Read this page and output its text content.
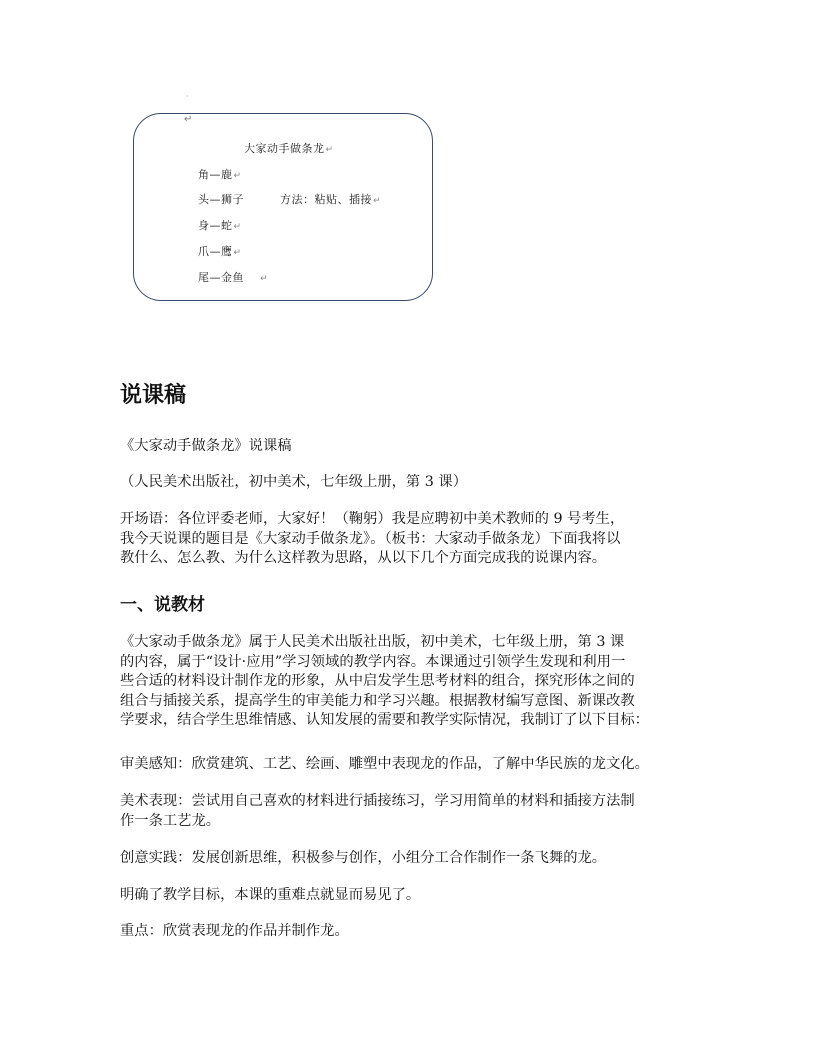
·
↵
大家动手做条龙↵
角—鹿↵
头—狮子	方法：粘贴、插接↵
身—蛇↵
爪—鹰↵
尾—金鱼 ↵
说课稿

《大家动手做条龙》说课稿

（人民美术出版社，初中美术，七年级上册，第 3 课）

开场语：各位评委老师，大家好！（鞠躬）我是应聘初中美术教师的 9 号考生，
我今天说课的题目是《大家动手做条龙》。（板书：大家动手做条龙）下面我将以
教什么、怎么教、为什么这样教为思路，从以下几个方面完成我的说课内容。

一、说教材

《大家动手做条龙》属于人民美术出版社出版，初中美术，七年级上册，第 3 课
的内容，属于“设计·应用”学习领域的教学内容。本课通过引领学生发现和利用一
些合适的材料设计制作龙的形象，从中启发学生思考材料的组合，探究形体之间的
组合与插接关系，提高学生的审美能力和学习兴趣。根据教材编写意图、新课改教
学要求，结合学生思维情感、认知发展的需要和教学实际情况，我制订了以下目标：

审美感知：欣赏建筑、工艺、绘画、雕塑中表现龙的作品，了解中华民族的龙文化。

美术表现：尝试用自己喜欢的材料进行插接练习，学习用简单的材料和插接方法制
作一条工艺龙。

创意实践：发展创新思维，积极参与创作，小组分工合作制作一条飞舞的龙。

明确了教学目标，本课的重难点就显而易见了。

重点：欣赏表现龙的作品并制作龙。
